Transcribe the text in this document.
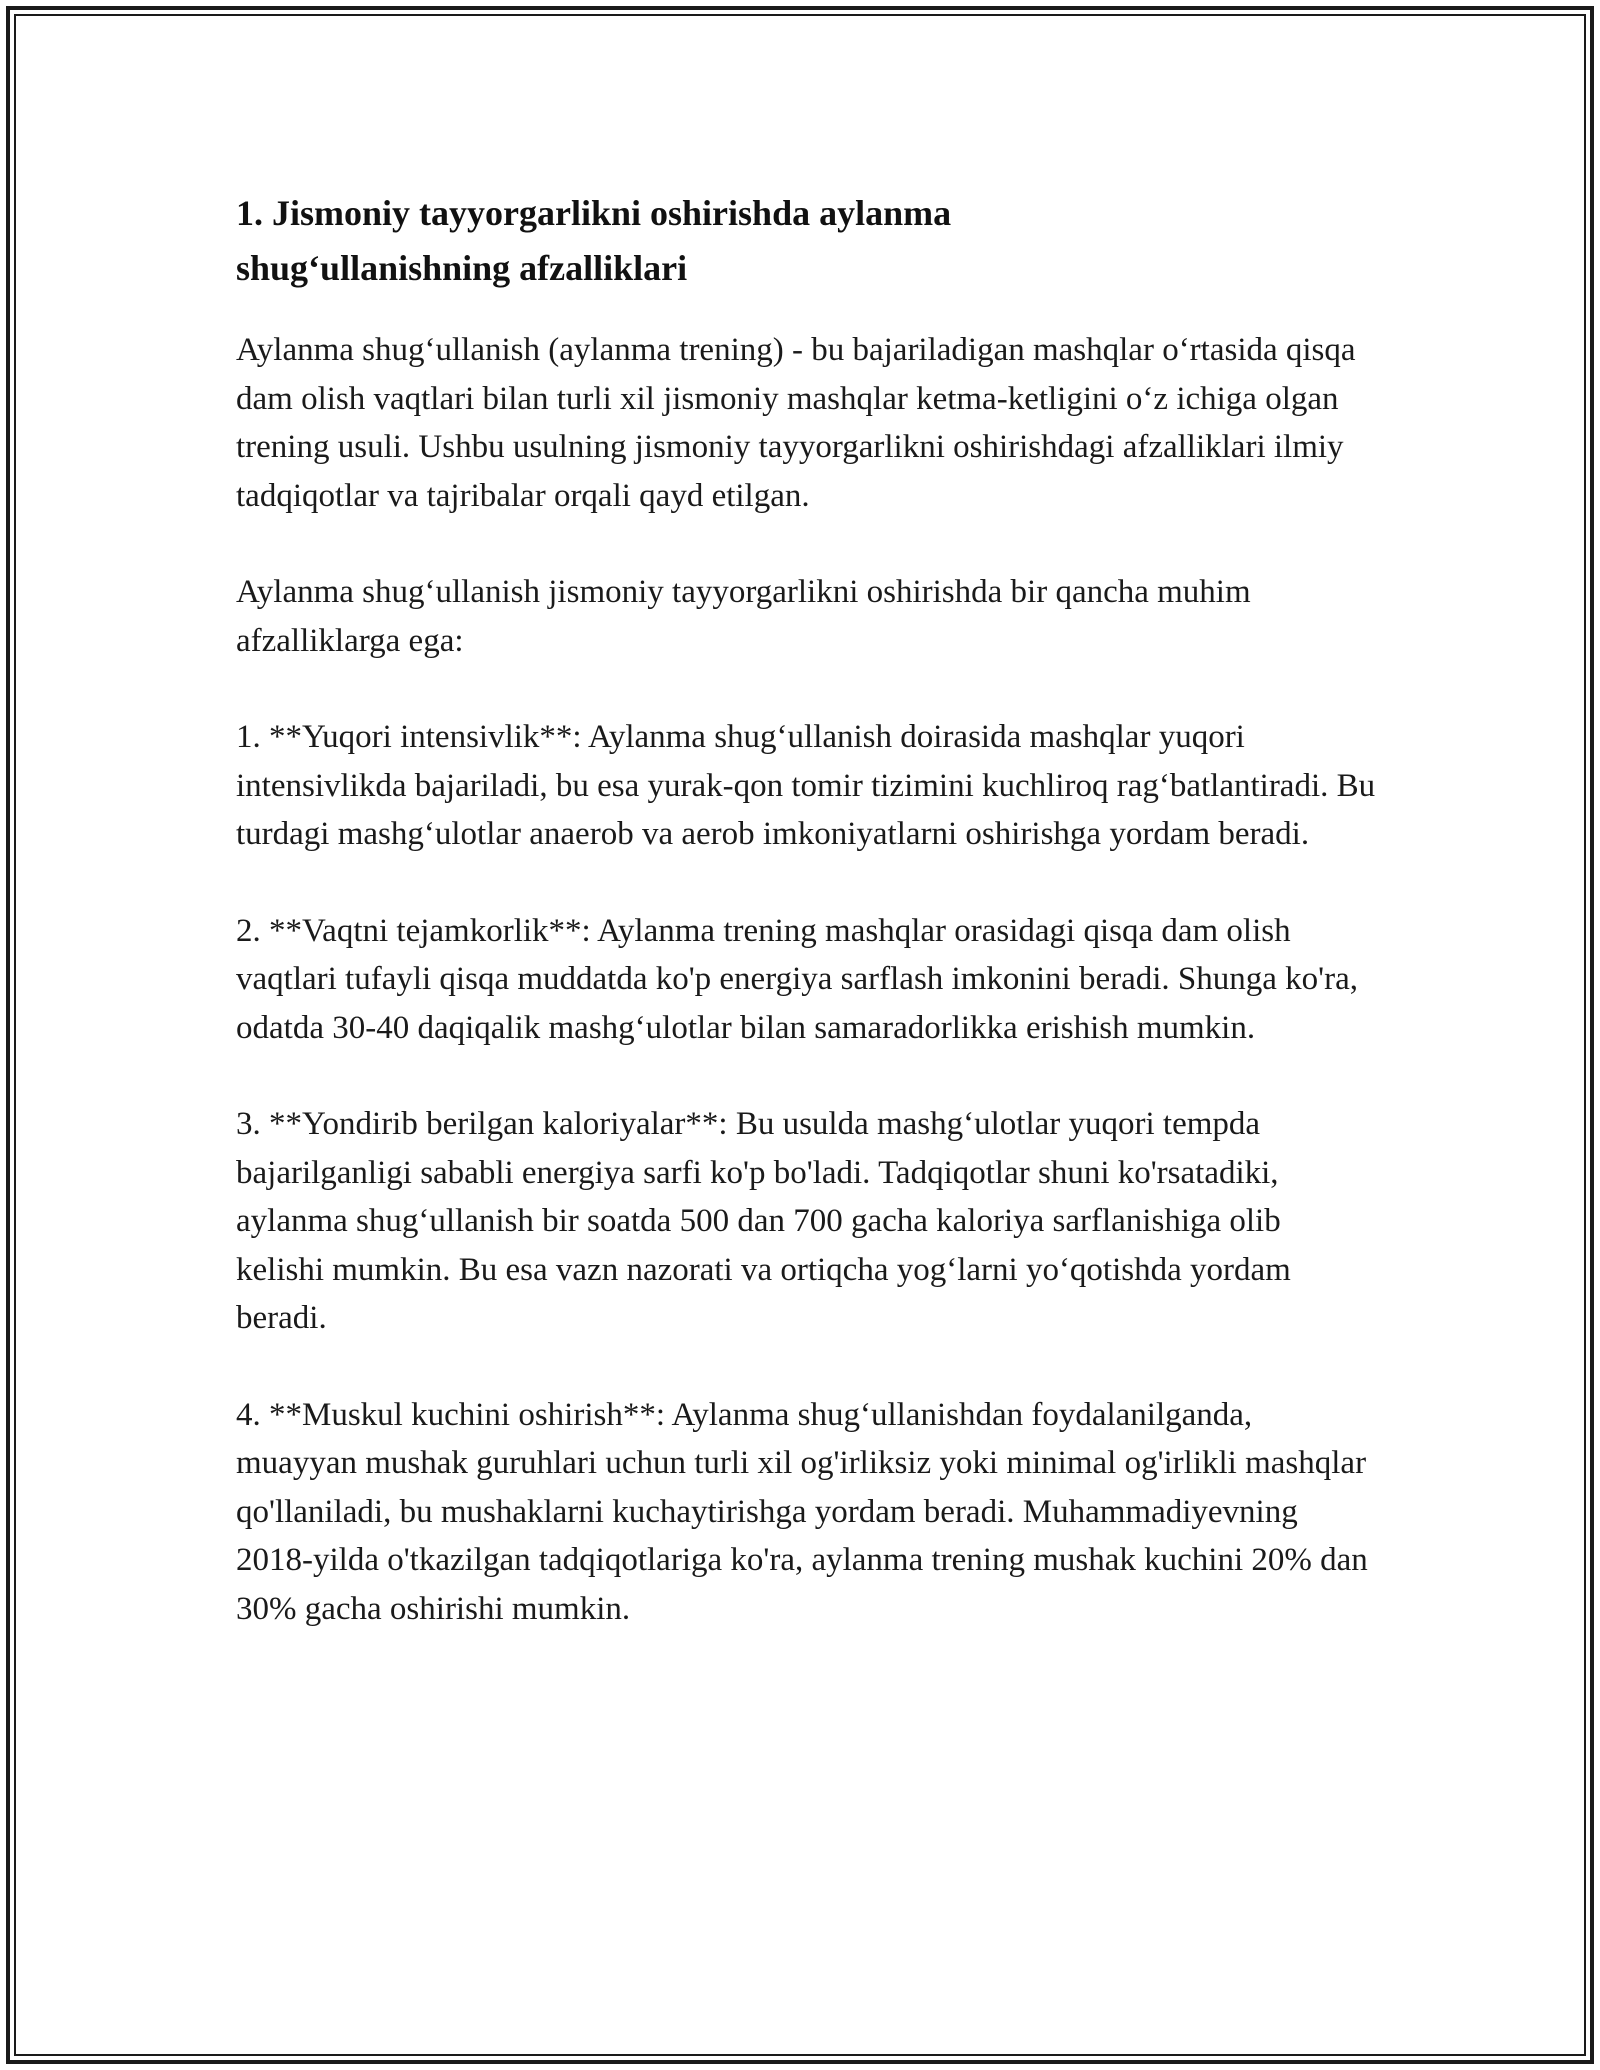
1. Jismoniy tayyorgarlikni oshirishda aylanma
shug‘ullanishning afzalliklari

Aylanma shug‘ullanish (aylanma trening) - bu bajariladigan mashqlar o‘rtasida qisqa dam olish vaqtlari bilan turli xil jismoniy mashqlar ketma-ketligini o‘z ichiga olgan trening usuli. Ushbu usulning jismoniy tayyorgarlikni oshirishdagi afzalliklari ilmiy tadqiqotlar va tajribalar orqali qayd etilgan.

Aylanma shug‘ullanish jismoniy tayyorgarlikni oshirishda bir qancha muhim afzalliklarga ega:

1. **Yuqori intensivlik**: Aylanma shug‘ullanish doirasida mashqlar yuqori intensivlikda bajariladi, bu esa yurak-qon tomir tizimini kuchliroq rag‘batlantiradi. Bu turdagi mashg‘ulotlar anaerob va aerob imkoniyatlarni oshirishga yordam beradi.

2. **Vaqtni tejamkorlik**: Aylanma trening mashqlar orasidagi qisqa dam olish vaqtlari tufayli qisqa muddatda ko'p energiya sarflash imkonini beradi. Shunga ko'ra, odatda 30-40 daqiqalik mashg‘ulotlar bilan samaradorlikka erishish mumkin.

3. **Yondirib berilgan kaloriyalar**: Bu usulda mashg‘ulotlar yuqori tempda bajarilganligi sababli energiya sarfi ko'p bo'ladi. Tadqiqotlar shuni ko'rsatadiki, aylanma shug‘ullanish bir soatda 500 dan 700 gacha kaloriya sarflanishiga olib kelishi mumkin. Bu esa vazn nazorati va ortiqcha yog‘larni yo‘qotishda yordam beradi.

4. **Muskul kuchini oshirish**: Aylanma shug‘ullanishdan foydalanilganda, muayyan mushak guruhlari uchun turli xil og'irliksiz yoki minimal og'irlikli mashqlar qo'llaniladi, bu mushaklarni kuchaytirishga yordam beradi. Muhammadiyevning 2018-yilda o'tkazilgan tadqiqotlariga ko'ra, aylanma trening mushak kuchini 20% dan 30% gacha oshirishi mumkin.
